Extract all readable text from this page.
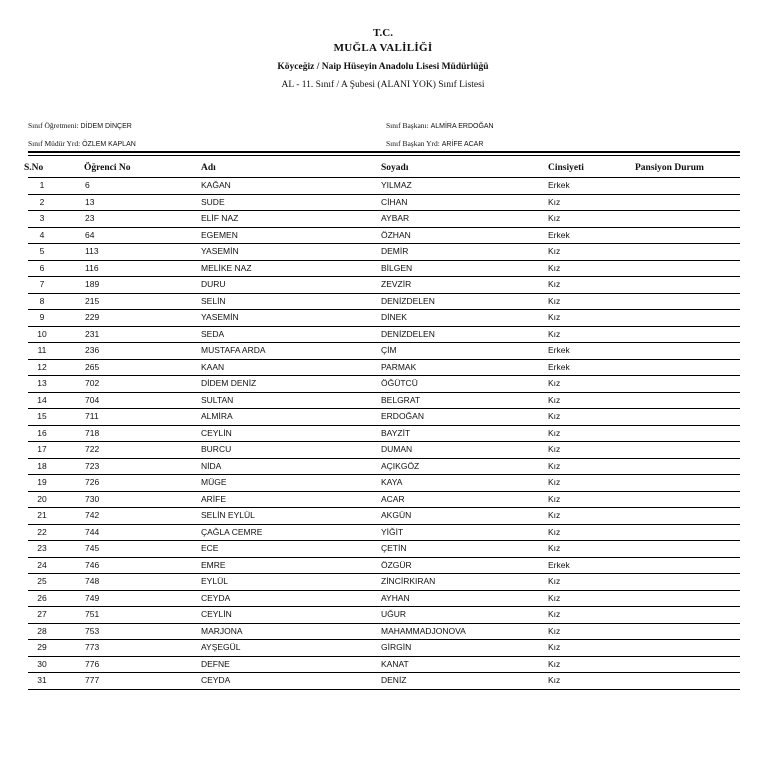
T.C.
MUĞLA VALİLİĞİ
Köyceğiz / Naip Hüseyin Anadolu Lisesi Müdürlüğü
AL - 11. Sınıf / A Şubesi (ALANI YOK) Sınıf Listesi
Sınıf Öğretmeni: DİDEM DİNÇER
Sınıf Müdür Yrd: ÖZLEM KAPLAN
Sınıf Başkanı: ALMİRA ERDOĞAN
Sınıf Başkan Yrd: ARİFE ACAR
S.No	Öğrenci No	Adı	Soyadı	Cinsiyeti	Pansiyon Durum
1	6	KAĞAN	YILMAZ	Erkek
2	13	SUDE	CİHAN	Kız
3	23	ELİF NAZ	AYBAR	Kız
4	64	EGEMEN	ÖZHAN	Erkek
5	113	YASEMİN	DEMİR	Kız
6	116	MELİKE NAZ	BİLGEN	Kız
7	189	DURU	ZEVZİR	Kız
8	215	SELİN	DENİZDELEN	Kız
9	229	YASEMİN	DİNEK	Kız
10	231	SEDA	DENİZDELEN	Kız
11	236	MUSTAFA ARDA	ÇİM	Erkek
12	265	KAAN	PARMAK	Erkek
13	702	DİDEM DENİZ	ÖĞÜTCÜ	Kız
14	704	SULTAN	BELGRAT	Kız
15	711	ALMİRA	ERDOĞAN	Kız
16	718	CEYLİN	BAYZİT	Kız
17	722	BURCU	DUMAN	Kız
18	723	NİDA	AÇIKGÖZ	Kız
19	726	MÜGE	KAYA	Kız
20	730	ARİFE	ACAR	Kız
21	742	SELİN EYLÜL	AKGÜN	Kız
22	744	ÇAĞLA CEMRE	YİĞİT	Kız
23	745	ECE	ÇETİN	Kız
24	746	EMRE	ÖZGÜR	Erkek
25	748	EYLÜL	ZİNCİRKIRAN	Kız
26	749	CEYDA	AYHAN	Kız
27	751	CEYLİN	UĞUR	Kız
28	753	MARJONA	MAHAMMADJONOVA	Kız
29	773	AYŞEGÜL	GİRGİN	Kız
30	776	DEFNE	KANAT	Kız
31	777	CEYDA	DENİZ	Kız
